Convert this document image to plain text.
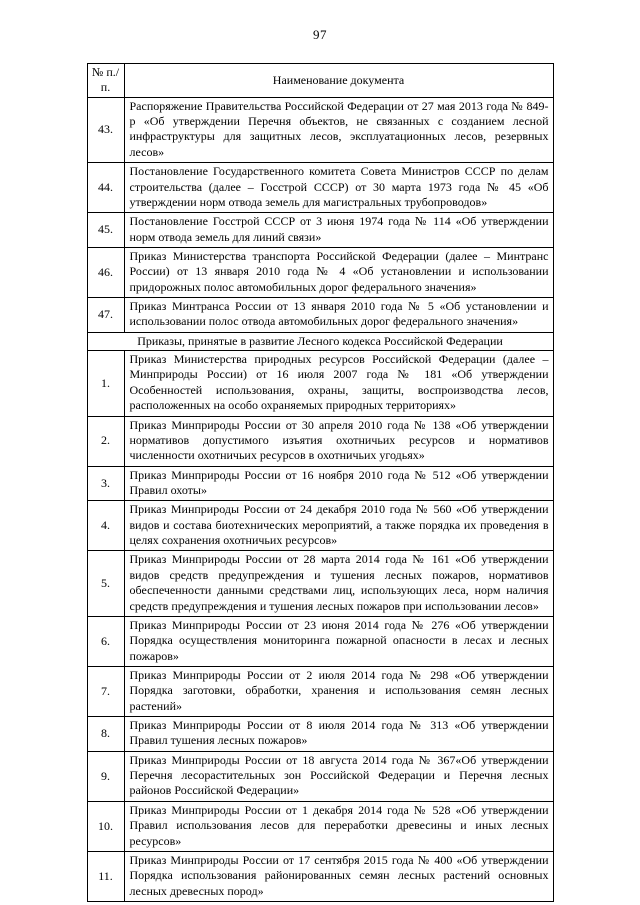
97
№ п./п.	Наименование документа
43.	Распоряжение Правительства Российской Федерации от 27 мая 2013 года № 849-р «Об утверждении Перечня объектов, не связанных с созданием лесной инфраструктуры для защитных лесов, эксплуатационных лесов, резервных лесов»
44.	Постановление Государственного комитета Совета Министров СССР по делам строительства (далее – Госстрой СССР) от 30 марта 1973 года № 45 «Об утверждении норм отвода земель для магистральных трубопроводов»
45.	Постановление Госстрой СССР от 3 июня 1974 года № 114 «Об утверждении норм отвода земель для линий связи»
46.	Приказ Министерства транспорта Российской Федерации (далее – Минтранс России) от 13 января 2010 года № 4 «Об установлении и использовании придорожных полос автомобильных дорог федерального значения»
47.	Приказ Минтранса России от 13 января 2010 года № 5 «Об установлении и использовании полос отвода автомобильных дорог федерального значения»
Приказы, принятые в развитие Лесного кодекса Российской Федерации	
1.	Приказ Министерства природных ресурсов Российской Федерации (далее – Минприроды России) от 16 июля 2007 года № 181 «Об утверждении Особенностей использования, охраны, защиты, воспроизводства лесов, расположенных на особо охраняемых природных территориях»
2.	Приказ Минприроды России от 30 апреля 2010 года № 138 «Об утверждении нормативов допустимого изъятия охотничьих ресурсов и нормативов численности охотничьих ресурсов в охотничьих угодьях»
3.	Приказ Минприроды России от 16 ноября 2010 года № 512 «Об утверждении Правил охоты»
4.	Приказ Минприроды России от 24 декабря 2010 года № 560 «Об утверждении видов и состава биотехнических мероприятий, а также порядка их проведения в целях сохранения охотничьих ресурсов»
5.	Приказ Минприроды России от 28 марта 2014 года № 161 «Об утверждении видов средств предупреждения и тушения лесных пожаров, нормативов обеспеченности данными средствами лиц, использующих леса, норм наличия средств предупреждения и тушения лесных пожаров при использовании лесов»
6.	Приказ Минприроды России от 23 июня 2014 года № 276 «Об утверждении Порядка осуществления мониторинга пожарной опасности в лесах и лесных пожаров»
7.	Приказ Минприроды России от 2 июля 2014 года № 298 «Об утверждении Порядка заготовки, обработки, хранения и использования семян лесных растений»
8.	Приказ Минприроды России от 8 июля 2014 года № 313 «Об утверждении Правил тушения лесных пожаров»
9.	Приказ Минприроды России от 18 августа 2014 года № 367«Об утверждении Перечня лесорастительных зон Российской Федерации и Перечня лесных районов Российской Федерации»
10.	Приказ Минприроды России от 1 декабря 2014 года № 528 «Об утверждении Правил использования лесов для переработки древесины и иных лесных ресурсов»
11.	Приказ Минприроды России от 17 сентября 2015 года № 400 «Об утверждении Порядка использования районированных семян лесных растений основных лесных древесных пород»
